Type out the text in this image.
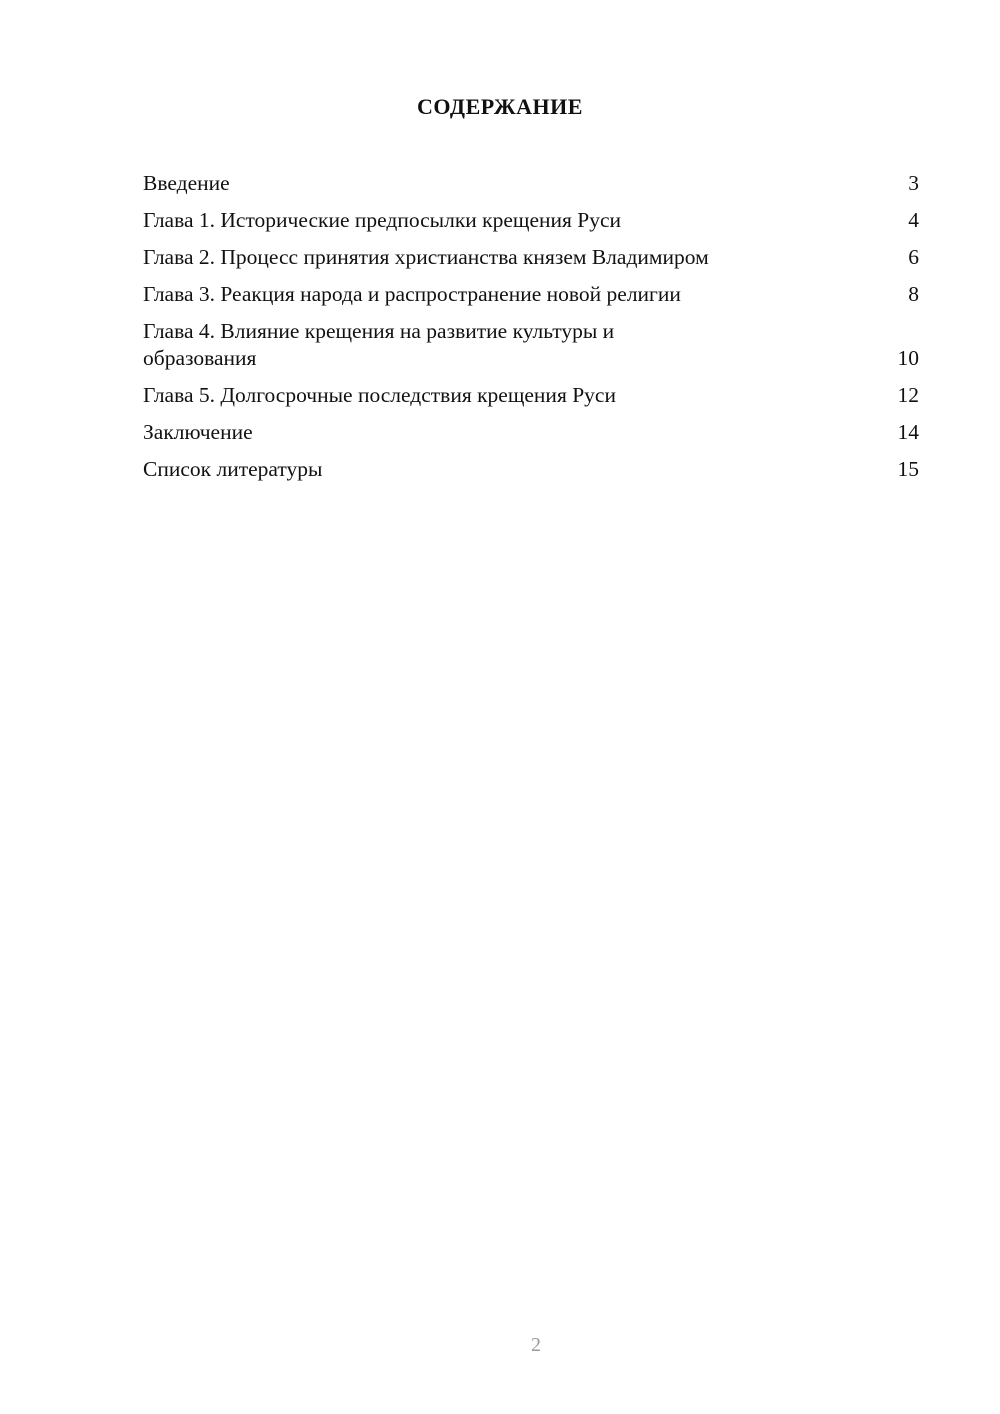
СОДЕРЖАНИЕ
Введение	3
Глава 1. Исторические предпосылки крещения Руси	4
Глава 2. Процесс принятия христианства князем Владимиром	6
Глава 3. Реакция народа и распространение новой религии	8
Глава 4. Влияние крещения на развитие культуры и образования	10
Глава 5. Долгосрочные последствия крещения Руси	12
Заключение	14
Список литературы	15
2
